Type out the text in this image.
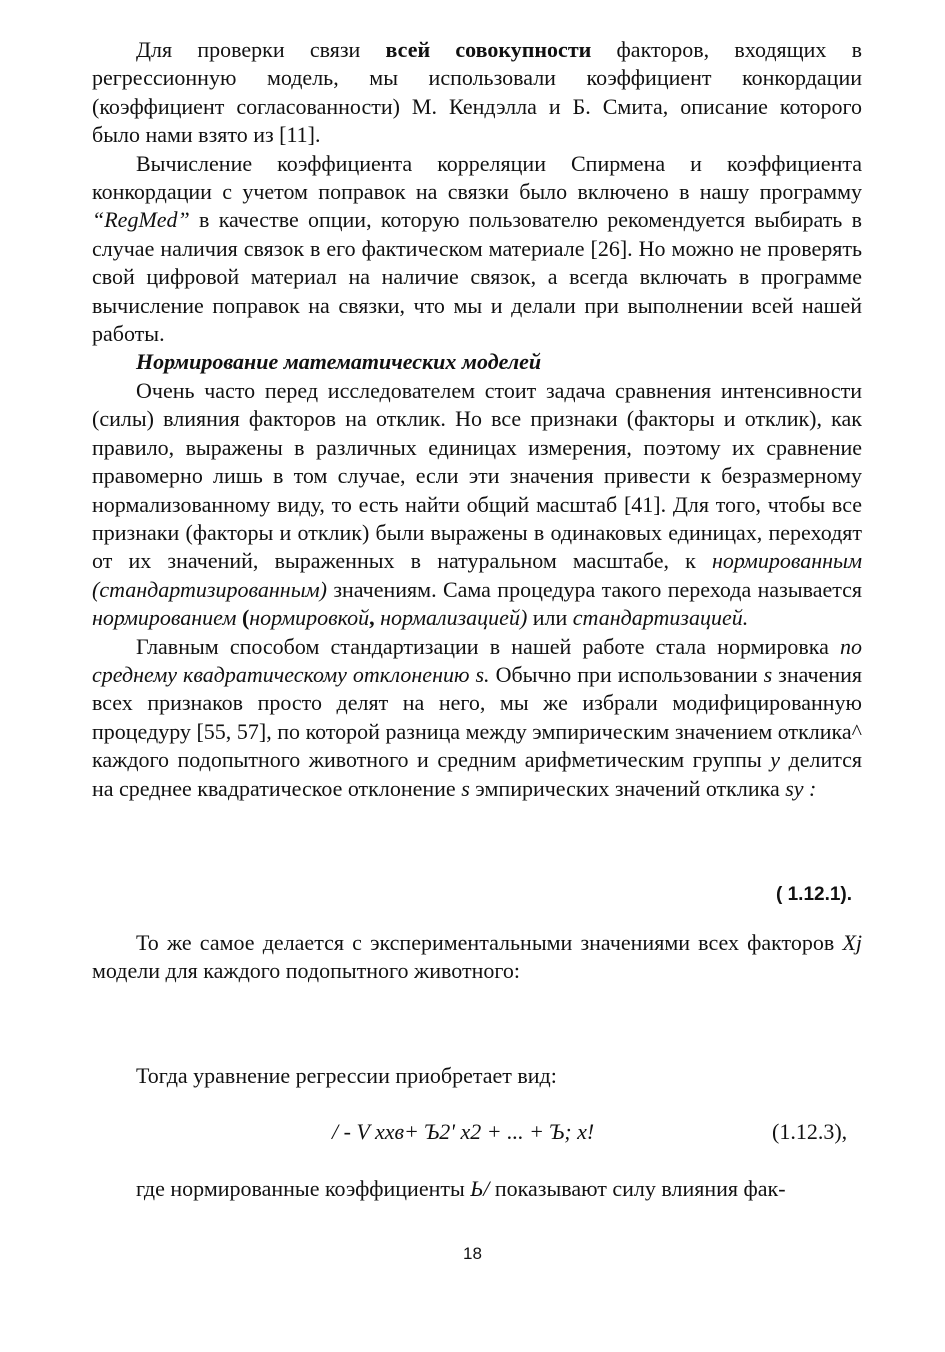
Для проверки связи всей совокупности факторов, входящих в регрессионную модель, мы использовали коэффициент конкордации (коэффициент согласованности) М. Кендэлла и Б. Смита, описание которого было нами взято из [11].

Вычисление коэффициента корреляции Спирмена и коэффициента конкордации с учетом поправок на связки было включено в нашу программу “RegMed” в качестве опции, которую пользователю рекомендуется выбирать в случае наличия связок в его фактическом материале [26]. Но можно не проверять свой цифровой материал на наличие связок, а всегда включать в программе вычисление поправок на связки, что мы и делали при выполнении всей нашей работы.

Нормирование математических моделей

Очень часто перед исследователем стоит задача сравнения интенсивности (силы) влияния факторов на отклик. Но все признаки (факторы и отклик), как правило, выражены в различных единицах измерения, поэтому их сравнение правомерно лишь в том случае, если эти значения привести к безразмерному нормализованному виду, то есть найти общий масштаб [41]. Для того, чтобы все признаки (факторы и отклик) были выражены в одинаковых единицах, переходят от их значений, выраженных в натуральном масштабе, к нормированным (стандартизированным) значениям. Сама процедура такого перехода называется нормированием (нормировкой, нормализацией) или стандартизацией.

Главным способом стандартизации в нашей работе стала нормировка по среднему квадратическому отклонению s. Обычно при использовании s значения всех признаков просто делят на него, мы же избрали модифицированную процедуру [55, 57], по которой разница между эмпирическим значением отклика^ каждого подопытного животного и средним арифметическим группы у делится на среднее квадратическое отклонение s эмпирических значений отклика sy :

( 1.12.1).

То же самое делается с экспериментальными значениями всех факторов Xj модели для каждого подопытного животного:

Тогда уравнение регрессии приобретает вид:

/ - V хxв+ Ъ2' х2 + ... + Ъ; х!	(1.12.3),

где нормированные коэффициенты Ь/ показывают силу влияния фак-

18
